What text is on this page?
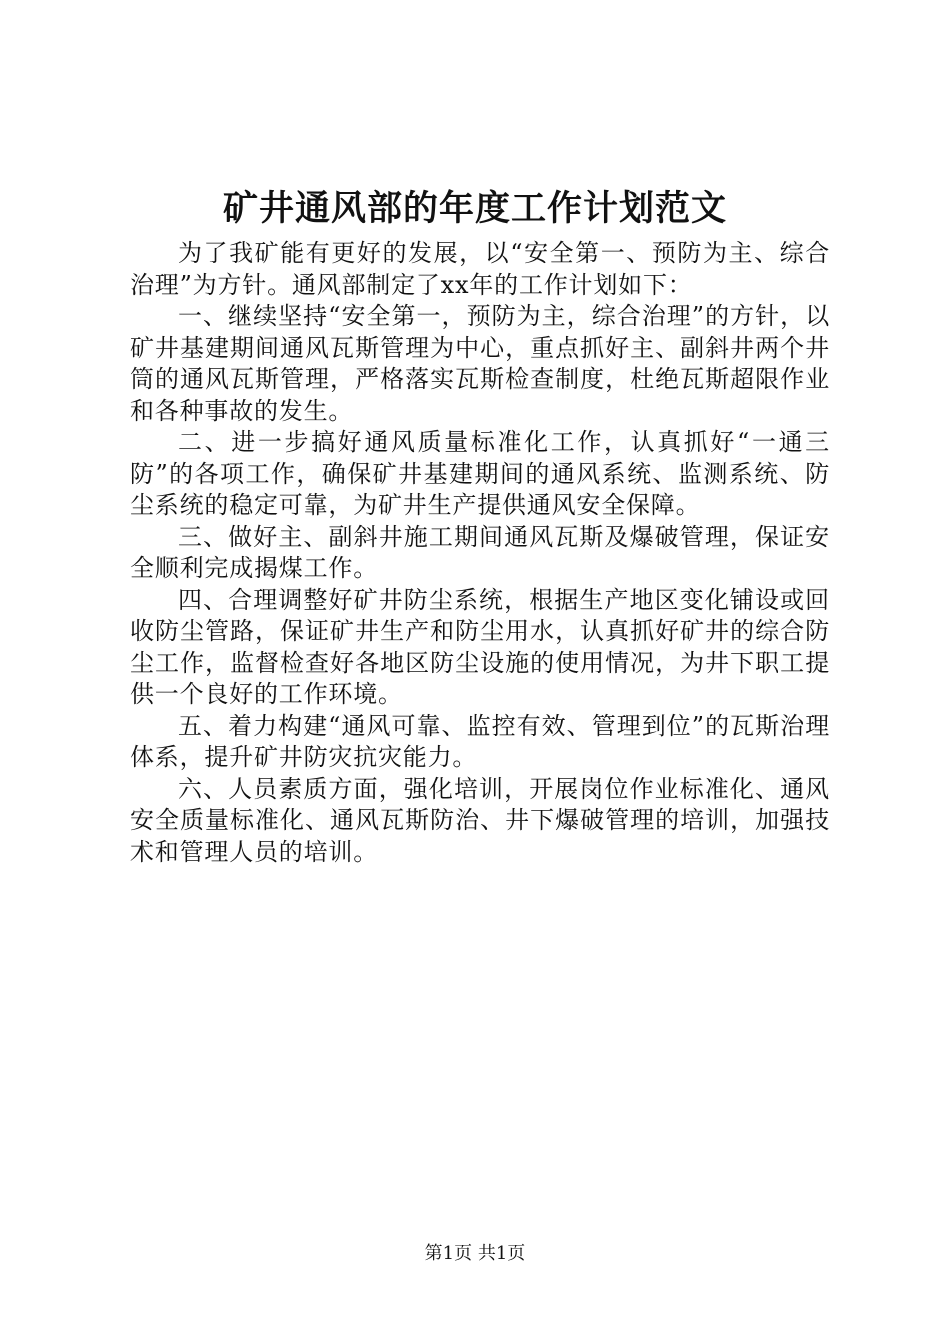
矿井通风部的年度工作计划范文

为了我矿能有更好的发展，以“安全第一、预防为主、综合治理”为方针。通风部制定了xx年的工作计划如下：

一、继续坚持“安全第一，预防为主，综合治理”的方针，以矿井基建期间通风瓦斯管理为中心，重点抓好主、副斜井两个井筒的通风瓦斯管理，严格落实瓦斯检查制度，杜绝瓦斯超限作业和各种事故的发生。

二、进一步搞好通风质量标准化工作，认真抓好“一通三防”的各项工作，确保矿井基建期间的通风系统、监测系统、防尘系统的稳定可靠，为矿井生产提供通风安全保障。

三、做好主、副斜井施工期间通风瓦斯及爆破管理，保证安全顺利完成揭煤工作。

四、合理调整好矿井防尘系统，根据生产地区变化铺设或回收防尘管路，保证矿井生产和防尘用水，认真抓好矿井的综合防尘工作，监督检查好各地区防尘设施的使用情况，为井下职工提供一个良好的工作环境。

五、着力构建“通风可靠、监控有效、管理到位”的瓦斯治理体系，提升矿井防灾抗灾能力。

六、人员素质方面，强化培训，开展岗位作业标准化、通风安全质量标准化、通风瓦斯防治、井下爆破管理的培训，加强技术和管理人员的培训。

第1页 共1页
